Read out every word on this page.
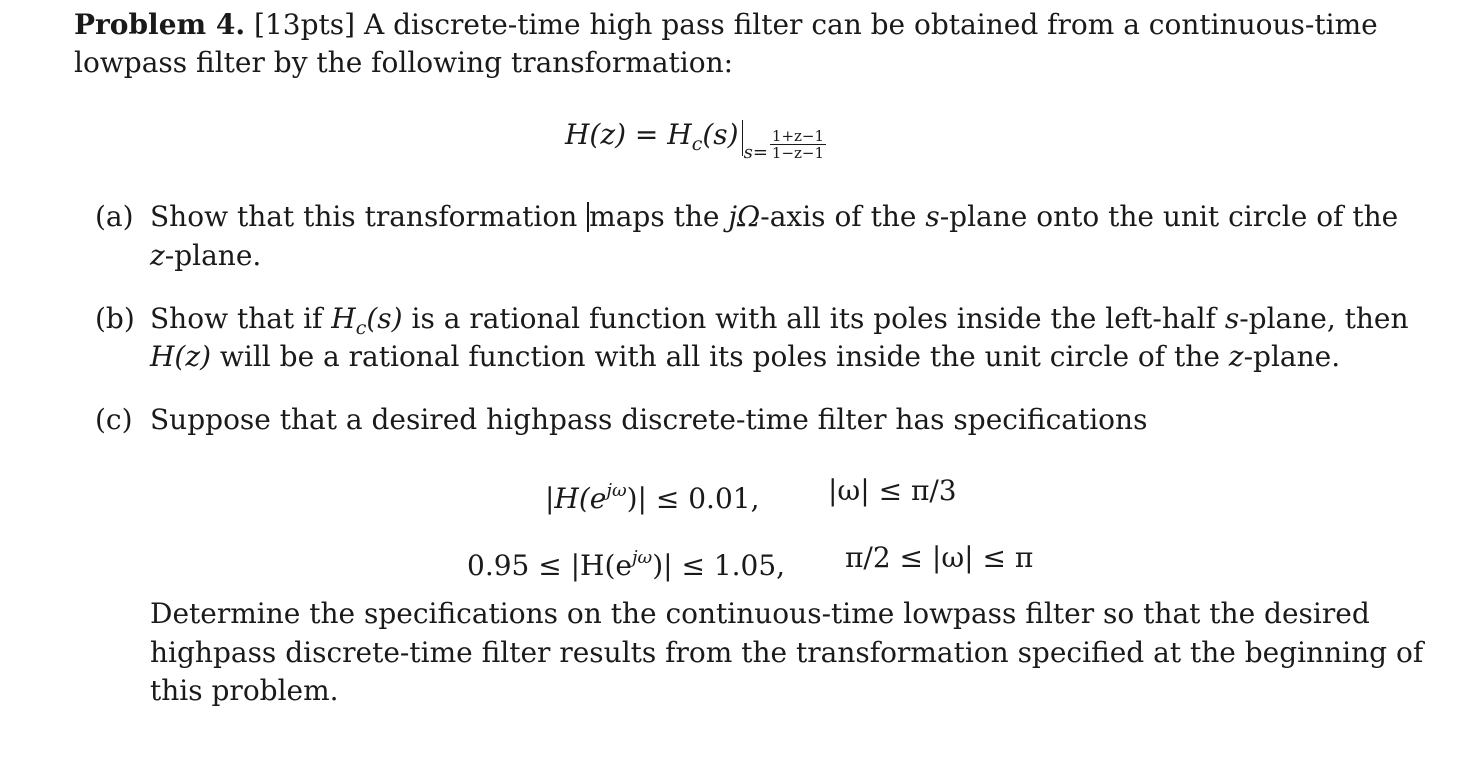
Problem 4. [13pts] A discrete-time high pass filter can be obtained from a continuous-time
lowpass filter by the following transformation:
$H(z) = H_c(s)_{s=} \frac{1+z-1}{1-z-1}$
(a) Show that this transformation maps the jΩ-axis of the s-plane onto the unit circle of the
z-plane.
(b) Show that if $H_c(s)$ is a rational function with all its poles inside the left-half s-plane, then
H(z) will be a rational function with all its poles inside the unit circle of the z-plane.
(c) Suppose that a desired highpass discrete-time filter has specifications
$|H(e^{j\omega})| \le 0.01$, |ω| ≤ π/3
$0.95 \le |H(e^{j\omega})| \le 1.05$, π/2 ≤ |ω| ≤ π
Determine the specifications on the continuous-time lowpass filter so that the desired
highpass discrete-time filter results from the transformation specified at the beginning of
this problem.
